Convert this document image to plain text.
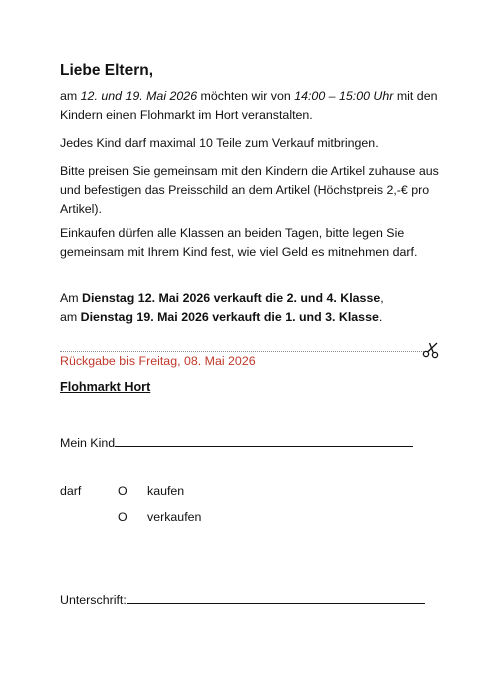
Liebe Eltern,
am 12. und 19. Mai 2026 möchten wir von 14:00 – 15:00 Uhr mit den Kindern einen Flohmarkt im Hort veranstalten.
Jedes Kind darf maximal 10 Teile zum Verkauf mitbringen.
Bitte preisen Sie gemeinsam mit den Kindern die Artikel zuhause aus und befestigen das Preisschild an dem Artikel (Höchstpreis 2,-€ pro Artikel).
Einkaufen dürfen alle Klassen an beiden Tagen, bitte legen Sie gemeinsam mit Ihrem Kind fest, wie viel Geld es mitnehmen darf.
Am Dienstag 12. Mai 2026 verkauft die 2. und 4. Klasse,
am Dienstag 19. Mai 2026 verkauft die 1. und 3. Klasse.
Rückgabe bis Freitag, 08. Mai 2026
Flohmarkt Hort
Mein Kind
darf	O kaufen
O verkaufen
Unterschrift:
